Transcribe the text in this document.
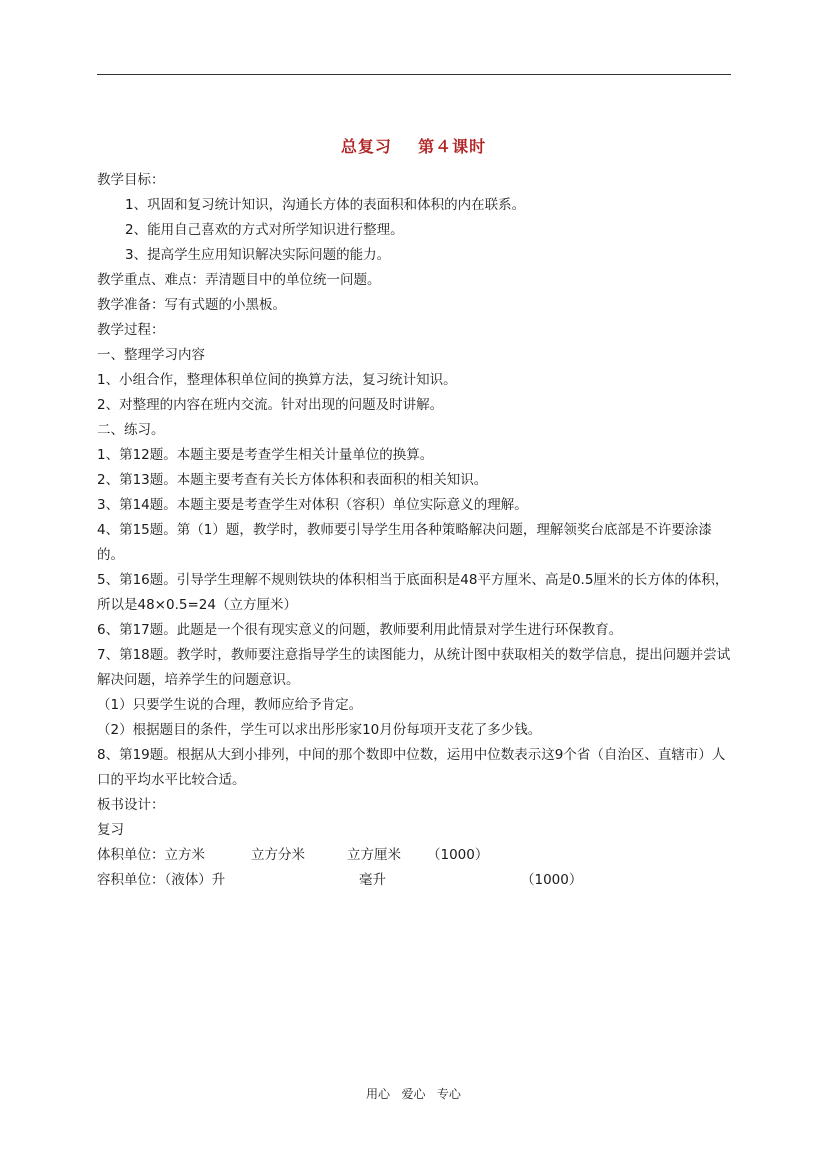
总复习    第４课时
教学目标：
1、巩固和复习统计知识，沟通长方体的表面积和体积的内在联系。
2、能用自己喜欢的方式对所学知识进行整理。
3、提高学生应用知识解决实际问题的能力。
教学重点、难点：弄清题目中的单位统一问题。
教学准备：写有式题的小黑板。
教学过程：
一、整理学习内容
1、小组合作，整理体积单位间的换算方法，复习统计知识。
2、对整理的内容在班内交流。针对出现的问题及时讲解。
二、练习。
1、第12题。本题主要是考查学生相关计量单位的换算。
2、第13题。本题主要考查有关长方体体积和表面积的相关知识。
3、第14题。本题主要是考查学生对体积（容积）单位实际意义的理解。
4、第15题。第（1）题，教学时，教师要引导学生用各种策略解决问题，理解领奖台底部是不许要涂漆的。
5、第16题。引导学生理解不规则铁块的体积相当于底面积是48平方厘米、高是0.5厘米的长方体的体积，所以是48×0.5=24（立方厘米）
6、第17题。此题是一个很有现实意义的问题，教师要利用此情景对学生进行环保教育。
7、第18题。教学时，教师要注意指导学生的读图能力，从统计图中获取相关的数学信息，提出问题并尝试解决问题，培养学生的问题意识。
（1）只要学生说的合理，教师应给予肯定。
（2）根据题目的条件，学生可以求出彤彤家10月份每项开支花了多少钱。
8、第19题。根据从大到小排列，中间的那个数即中位数，运用中位数表示这9个省（自治区、直辖市）人口的平均水平比较合适。
板书设计：
复习
体积单位：立方米	立方分米	立方厘米	（1000）
容积单位：（液体）升	毫升	（1000）
用心   爱心   专心
